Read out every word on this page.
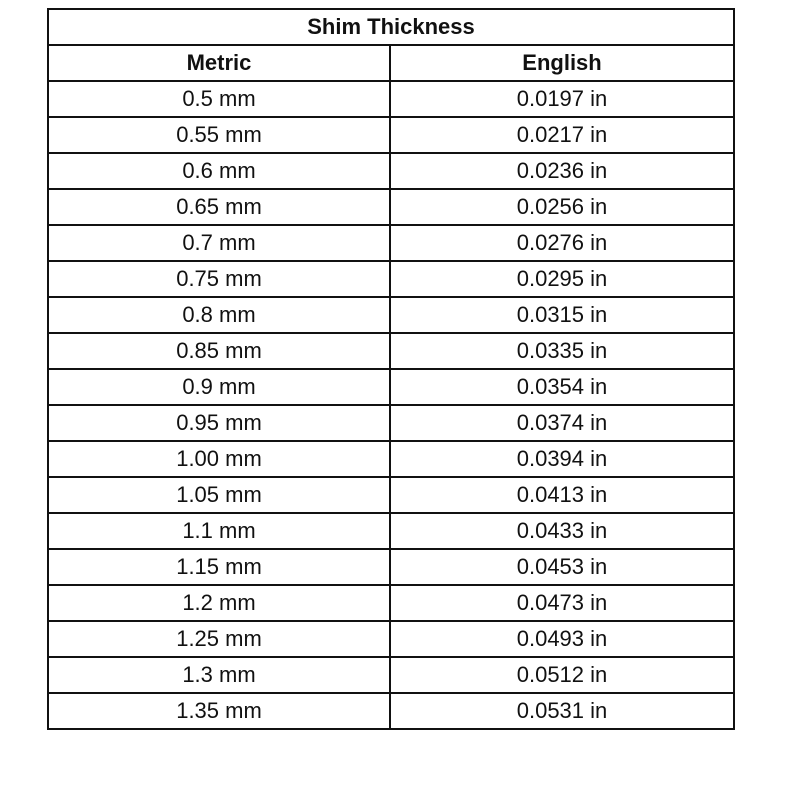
Shim Thickness	
Metric	English
0.5 mm	0.0197 in
0.55 mm	0.0217 in
0.6 mm	0.0236 in
0.65 mm	0.0256 in
0.7 mm	0.0276 in
0.75 mm	0.0295 in
0.8 mm	0.0315 in
0.85 mm	0.0335 in
0.9 mm	0.0354 in
0.95 mm	0.0374 in
1.00 mm	0.0394 in
1.05 mm	0.0413 in
1.1 mm	0.0433 in
1.15 mm	0.0453 in
1.2 mm	0.0473 in
1.25 mm	0.0493 in
1.3 mm	0.0512 in
1.35 mm	0.0531 in
